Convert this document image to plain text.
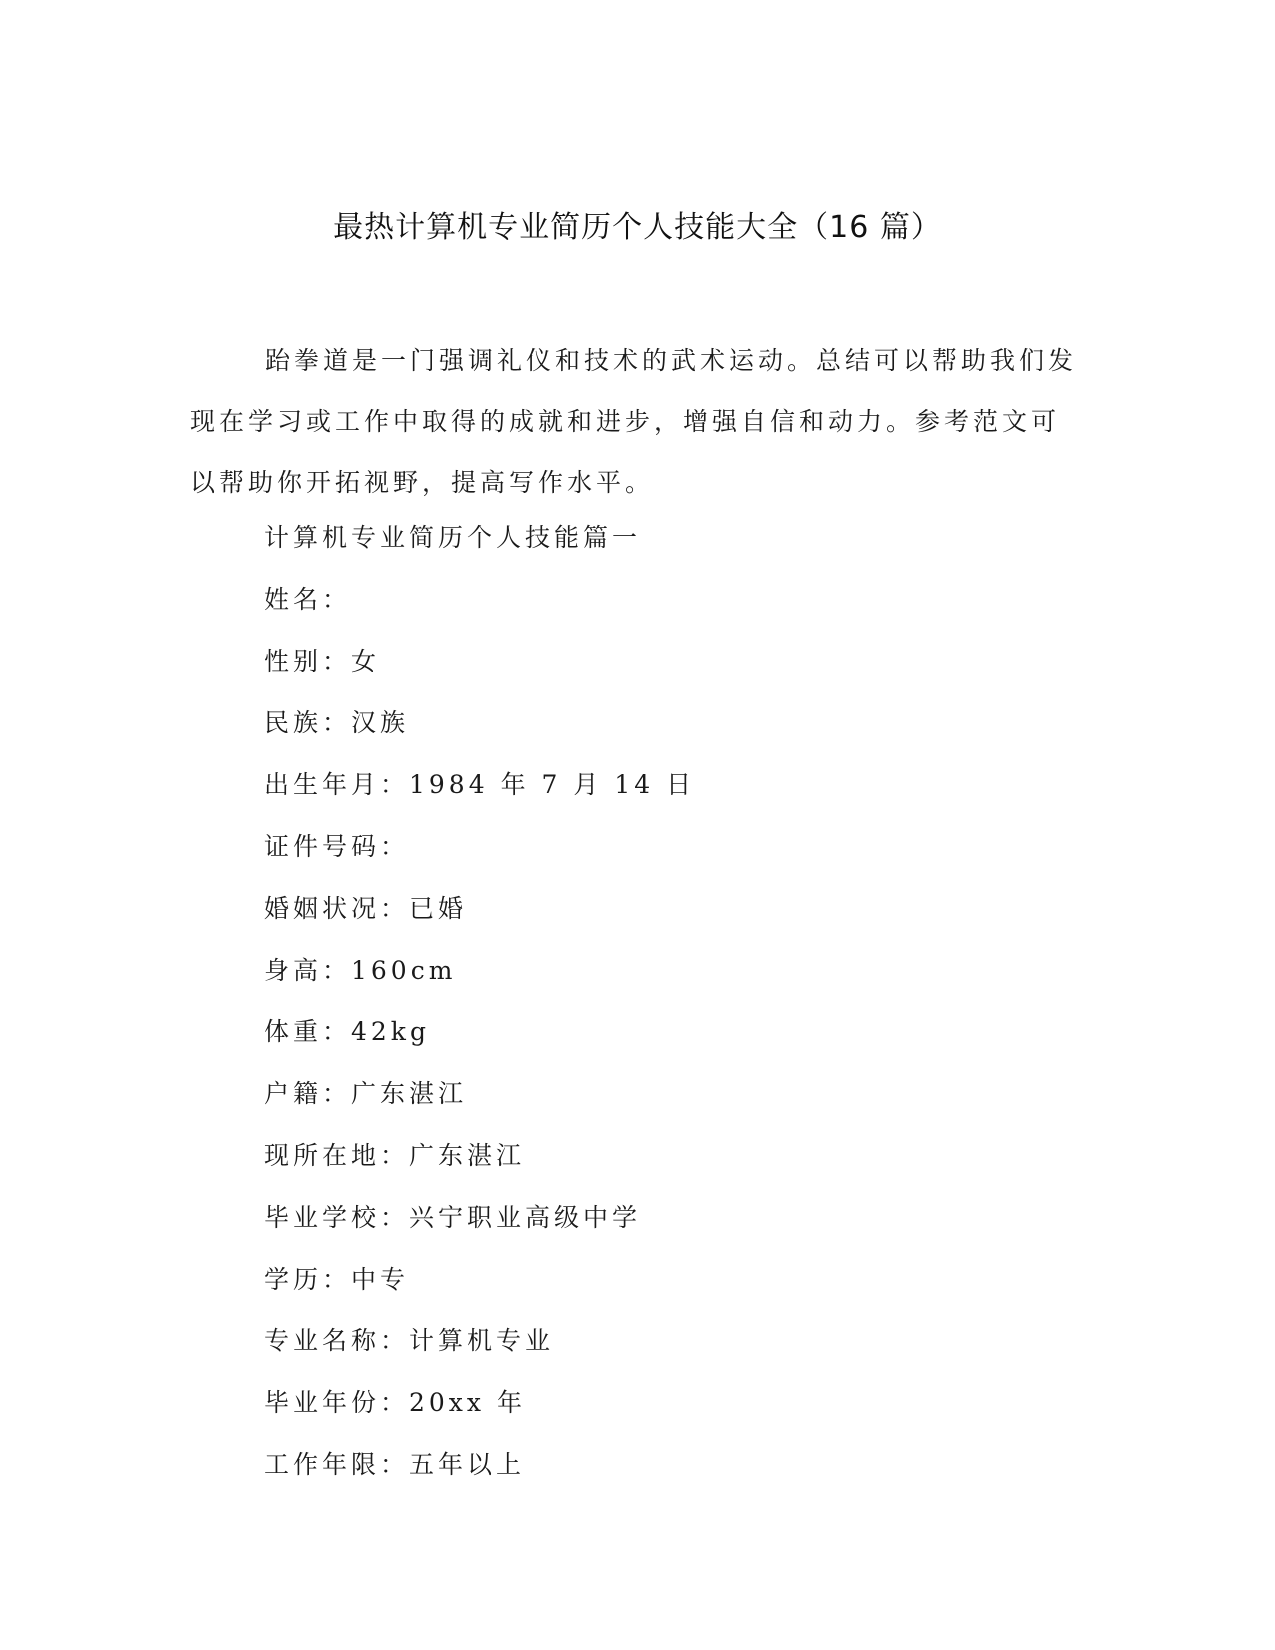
最热计算机专业简历个人技能大全（16 篇）

跆拳道是一门强调礼仪和技术的武术运动。总结可以帮助我们发现在学习或工作中取得的成就和进步，增强自信和动力。参考范文可以帮助你开拓视野，提高写作水平。

计算机专业简历个人技能篇一
姓名：
性别：女
民族：汉族
出生年月：1984 年 7 月 14 日
证件号码：
婚姻状况：已婚
身高：160cm
体重：42kg
户籍：广东湛江
现所在地：广东湛江
毕业学校：兴宁职业高级中学
学历：中专
专业名称：计算机专业
毕业年份：20xx 年
工作年限：五年以上
